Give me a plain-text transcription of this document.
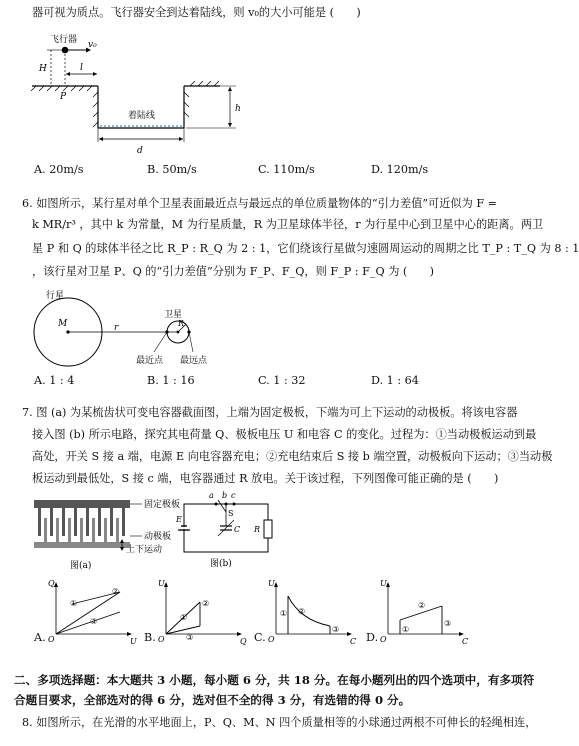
器可视为质点。飞行器安全到达着陆线，则 v₀的大小可能是 (　　)
飞行器 v₀
H	l
P
着陆线
h
d
A. 20m/s	B. 50m/s	C. 110m/s	D. 120m/s
6. 如图所示，某行星对单个卫星表面最近点与最远点的单位质量物体的“引力差值”可近似为 F =
k MR/r³ ，其中 k 为常量，M 为行星质量，R 为卫星球体半径，r 为行星中心到卫星中心的距离。两卫
星 P 和 Q 的球体半径之比 R_P : R_Q 为 2 : 1，它们绕该行星做匀速圆周运动的周期之比 T_P : T_Q 为 8 : 1
，该行星对卫星 P、Q 的“引力差值”分别为 F_P、F_Q，则 F_P : F_Q 为 (　　)
行星
M
卫星
r	R
最近点 最远点
A. 1 : 4	B. 1 : 16	C. 1 : 32	D. 1 : 64
7. 图 (a) 为某梳齿状可变电容器截面图，上端为固定极板，下端为可上下运动的动极板。将该电容器
接入图 (b) 所示电路，探究其电荷量 Q、极板电压 U 和电容 C 的变化。过程为：①当动极板运动到最
高处，开关 S 接 a 端，电源 E 向电容器充电；②充电结束后 S 接 b 端空置，动极板向下运动；③当动极
板运动到最低处，S 接 c 端，电容器通过 R 放电。关于该过程，下列图像可能正确的是 (　　)
固定极板
动极板
上下运动
图(a)
a b c
S
E
C R
图(b)
①
②
③
Q
U
O
②
①
③
U
Q
O
① ②
③
U
C
O
①
②
③
U
C
O
A.	B.	C.	D.
二、多项选择题：本大题共 3 小题，每小题 6 分，共 18 分。在每小题列出的四个选项中，有多项符
合题目要求，全部选对的得 6 分，选对但不全的得 3 分，有选错的得 0 分。
8. 如图所示，在光滑的水平地面上，P、Q、M、N 四个质量相等的小球通过两根不可伸长的轻绳相连，
